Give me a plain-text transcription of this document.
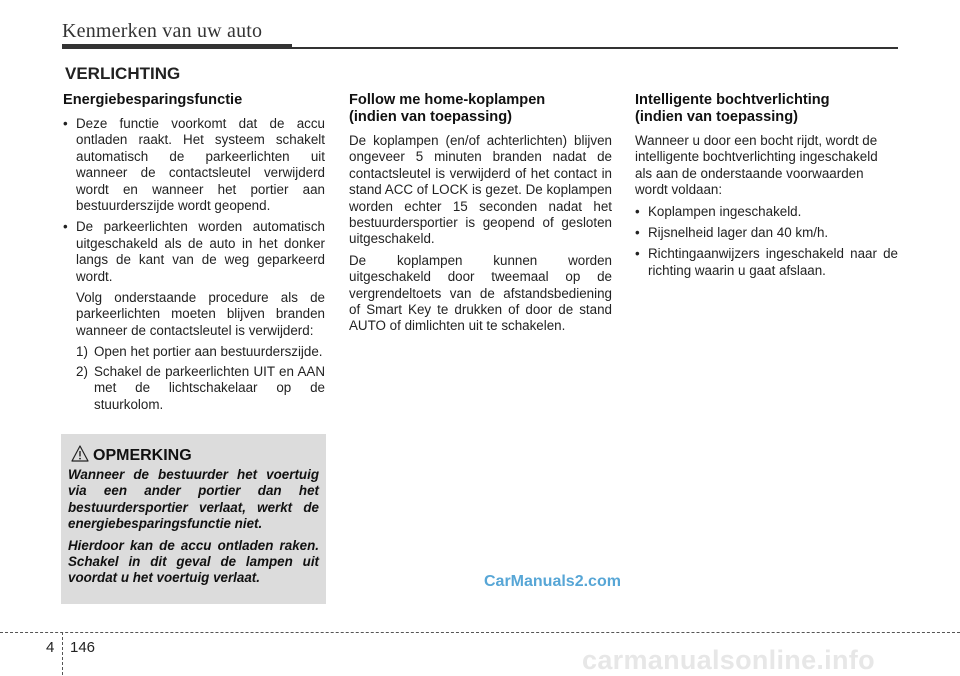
Kenmerken van uw auto
VERLICHTING
Energiebesparingsfunctie
• Deze functie voorkomt dat de accu ontladen raakt. Het systeem schakelt automatisch de parkeerlichten uit wanneer de contactsleutel verwijderd wordt en wanneer het portier aan bestuurderszijde wordt geopend.
• De parkeerlichten worden automatisch uitgeschakeld als de auto in het donker langs de kant van de weg geparkeerd wordt.
Volg onderstaande procedure als de parkeerlichten moeten blijven branden wanneer de contactsleutel is verwijderd:
1) Open het portier aan bestuurderszijde.
2) Schakel de parkeerlichten UIT en AAN met de lichtschakelaar op de stuurkolom.
OPMERKING

Wanneer de bestuurder het voertuig via een ander portier dan het bestuurdersportier verlaat, werkt de energiebesparingsfunctie niet.

Hierdoor kan de accu ontladen raken. Schakel in dit geval de lampen uit voordat u het voertuig verlaat.

Follow me home-koplampen
(indien van toepassing)

De koplampen (en/of achterlichten) blijven ongeveer 5 minuten branden nadat de contactsleutel is verwijderd of het contact in stand ACC of LOCK is gezet. De koplampen worden echter 15 seconden nadat het bestuurdersportier is geopend of gesloten uitgeschakeld.

De koplampen kunnen worden uitgeschakeld door tweemaal op de vergrendeltoets van de afstandsbediening of Smart Key te drukken of door de stand AUTO of dimlichten uit te schakelen.

Intelligente bochtverlichting
(indien van toepassing)

Wanneer u door een bocht rijdt, wordt de intelligente bochtverlichting ingeschakeld als aan de onderstaande voorwaarden wordt voldaan:

• Koplampen ingeschakeld.
• Rijsnelheid lager dan 40 km/h.
• Richtingaanwijzers ingeschakeld naar de richting waarin u gaat afslaan.
CarManuals2.com
4 146	carmanualsonline.info
